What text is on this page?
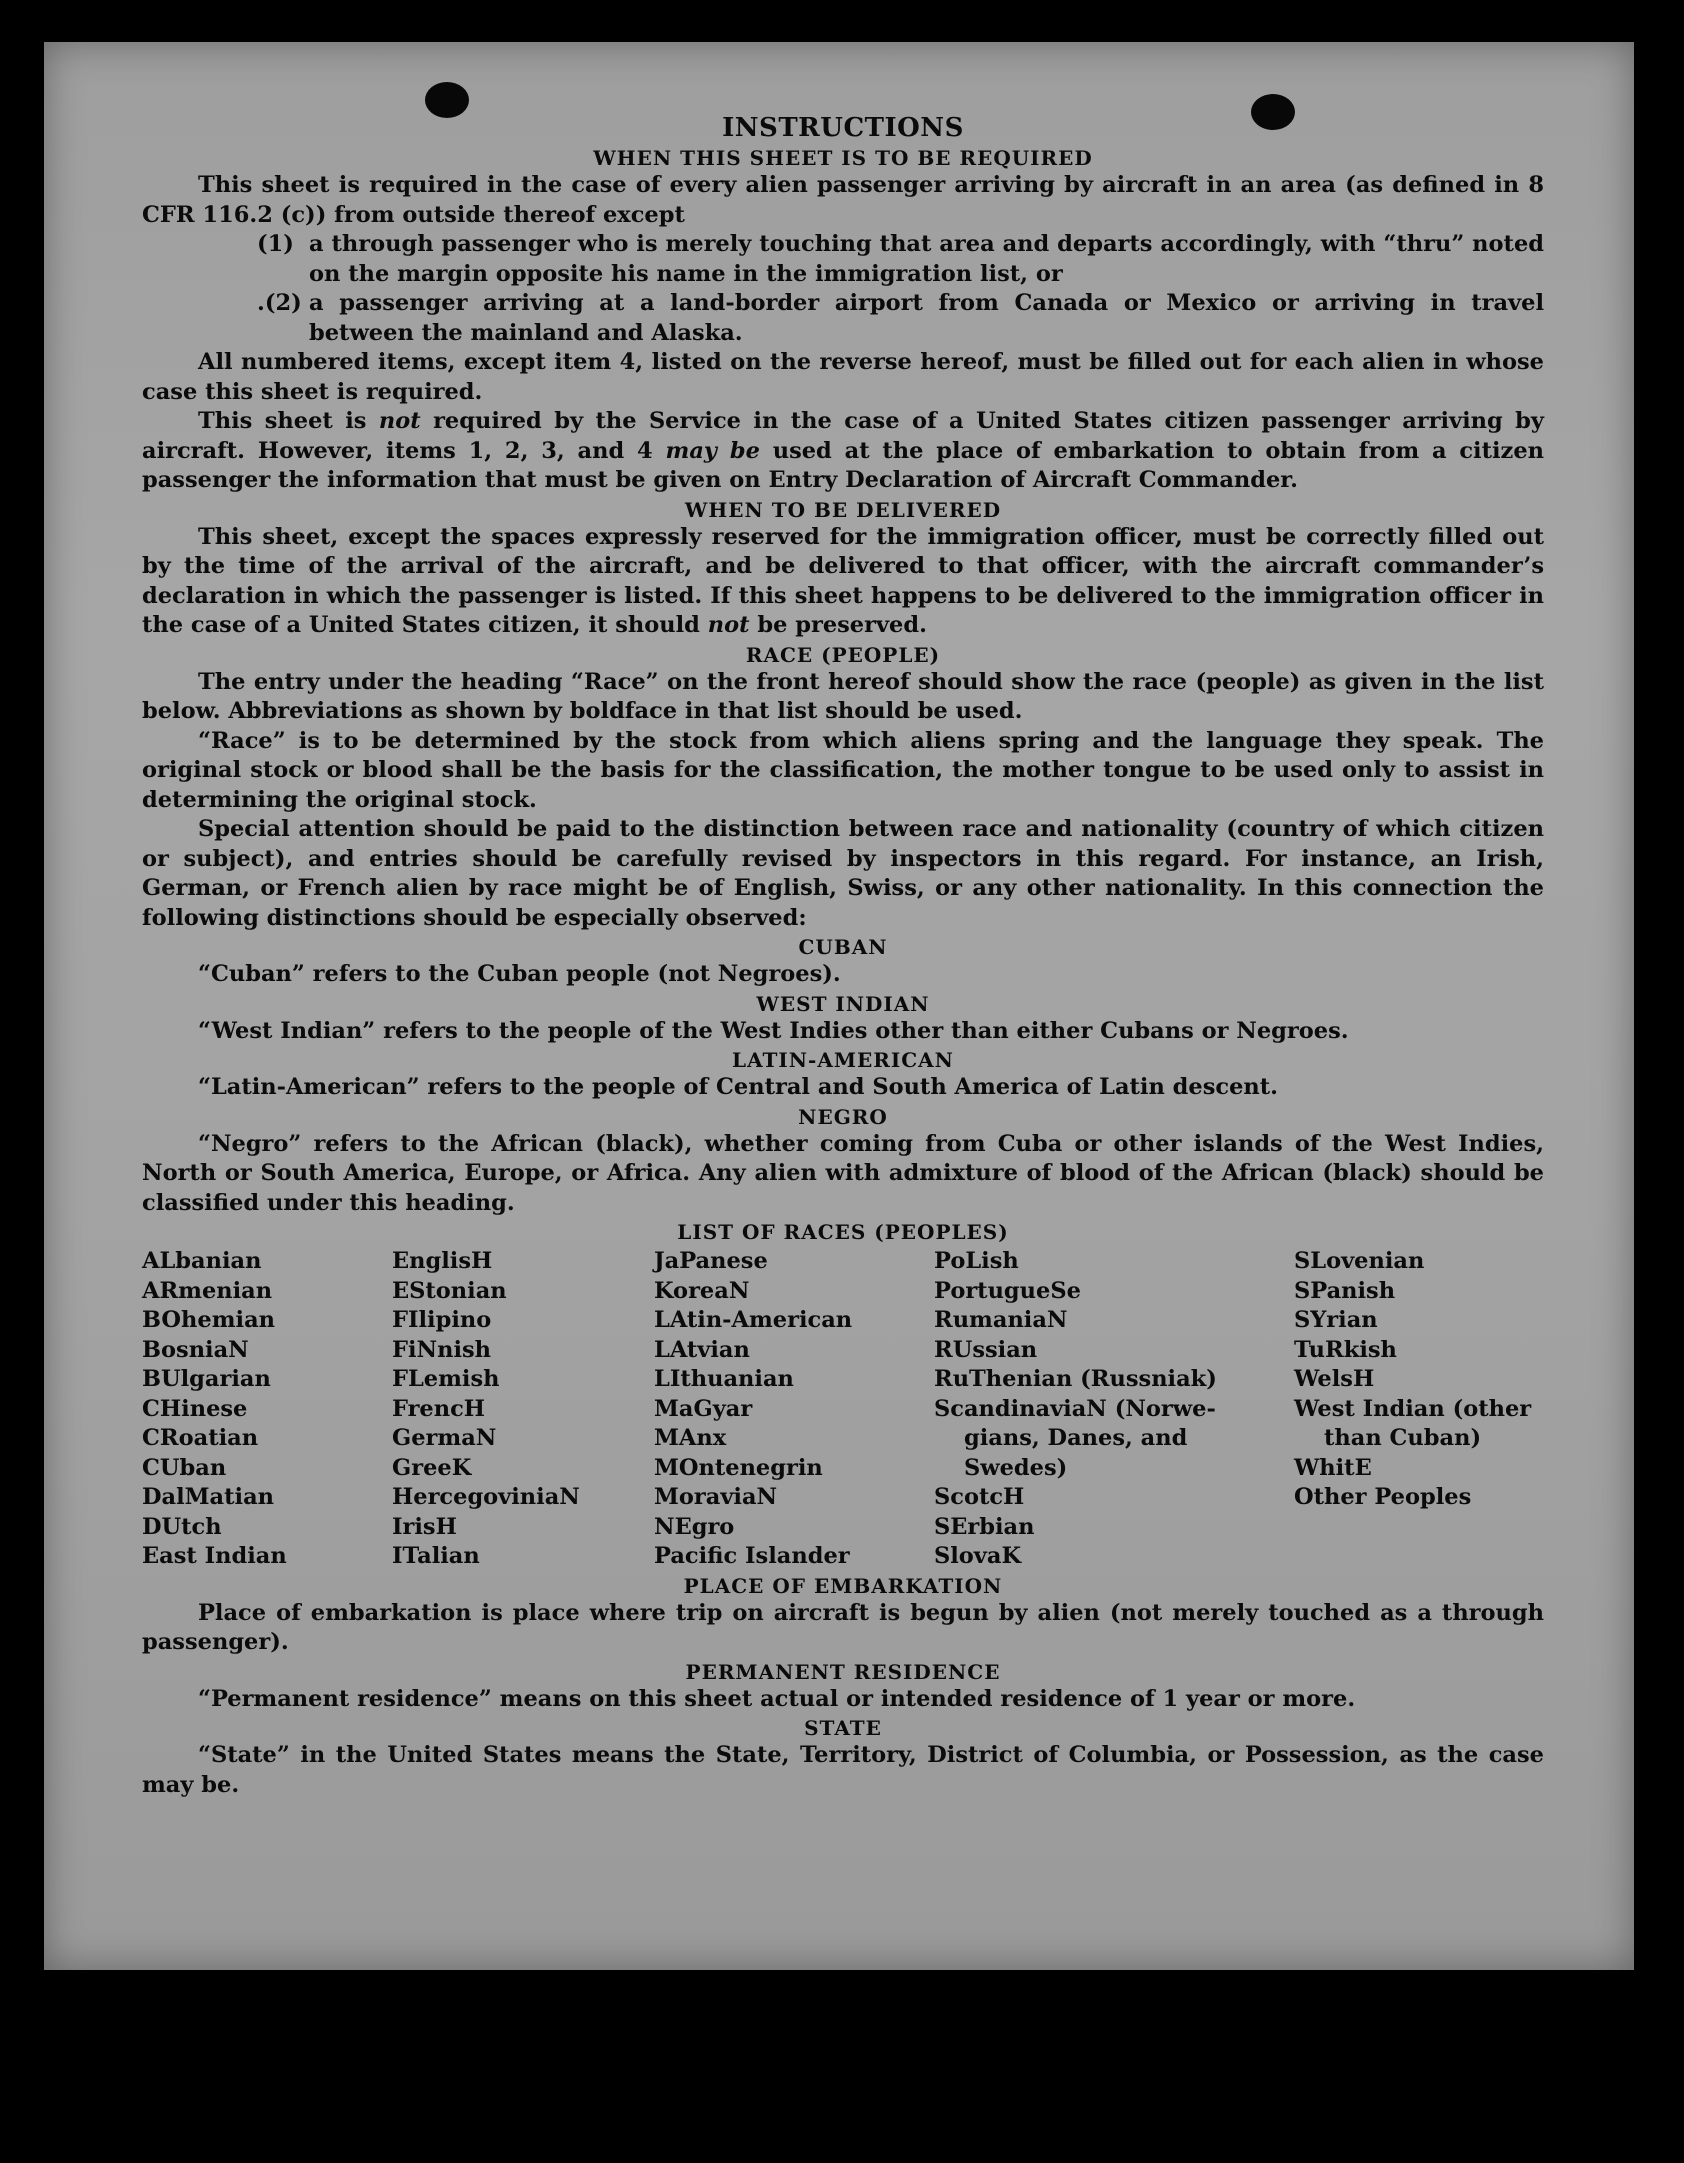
INSTRUCTIONS
WHEN THIS SHEET IS TO BE REQUIRED

This sheet is required in the case of every alien passenger arriving by aircraft in an area (as defined in 8 CFR 116.2 (c)) from outside thereof except

(1) a through passenger who is merely touching that area and departs accordingly, with “thru” noted on the margin opposite his name in the immigration list, or
.(2) a passenger arriving at a land-border airport from Canada or Mexico or arriving in travel between the mainland and Alaska.

All numbered items, except item 4, listed on the reverse hereof, must be filled out for each alien in whose case this sheet is required.

This sheet is not required by the Service in the case of a United States citizen passenger arriving by aircraft. However, items 1, 2, 3, and 4 may be used at the place of embarkation to obtain from a citizen passenger the information that must be given on Entry Declaration of Aircraft Commander.

WHEN TO BE DELIVERED

This sheet, except the spaces expressly reserved for the immigration officer, must be correctly filled out by the time of the arrival of the aircraft, and be delivered to that officer, with the aircraft commander’s declaration in which the passenger is listed. If this sheet happens to be delivered to the immigration officer in the case of a United States citizen, it should not be preserved.

RACE (PEOPLE)

The entry under the heading “Race” on the front hereof should show the race (people) as given in the list below. Abbreviations as shown by boldface in that list should be used.

“Race” is to be determined by the stock from which aliens spring and the language they speak. The original stock or blood shall be the basis for the classification, the mother tongue to be used only to assist in determining the original stock.

Special attention should be paid to the distinction between race and nationality (country of which citizen or subject), and entries should be carefully revised by inspectors in this regard. For instance, an Irish, German, or French alien by race might be of English, Swiss, or any other nationality. In this connection the following distinctions should be especially observed:

CUBAN

“Cuban” refers to the Cuban people (not Negroes).

WEST INDIAN

“West Indian” refers to the people of the West Indies other than either Cubans or Negroes.

LATIN-AMERICAN

“Latin-American” refers to the people of Central and South America of Latin descent.

NEGRO

“Negro” refers to the African (black), whether coming from Cuba or other islands of the West Indies, North or South America, Europe, or Africa. Any alien with admixture of blood of the African (black) should be classified under this heading.

LIST OF RACES (PEOPLES)
ALbanian
ARmenian
BOhemian
BosniaN
BUlgarian
CHinese
CRoatian
CUban
DalMatian
DUtch
East Indian
EnglisH
EStonian
FIlipino
FiNnish
FLemish
FrencH
GermaN
GreeK
HercegoviniaN
IrisH
ITalian
JaPanese
KoreaN
LAtin-American
LAtvian
LIthuanian
MaGyar
MAnx
MOntenegrin
MoraviaN
NEgro
Pacific Islander
PoLish
PortugueSe
RumaniaN
RUssian
RuThenian (Russniak)
ScandinaviaN (Norwe-
gians, Danes, and
Swedes)
ScotcH
SErbian
SlovaK
SLovenian
SPanish
SYrian
TuRkish
WelsH
West Indian (other
than Cuban)
WhitE
Other Peoples
PLACE OF EMBARKATION

Place of embarkation is place where trip on aircraft is begun by alien (not merely touched as a through passenger).

PERMANENT RESIDENCE

“Permanent residence” means on this sheet actual or intended residence of 1 year or more.

STATE

“State” in the United States means the State, Territory, District of Columbia, or Possession, as the case may be.
